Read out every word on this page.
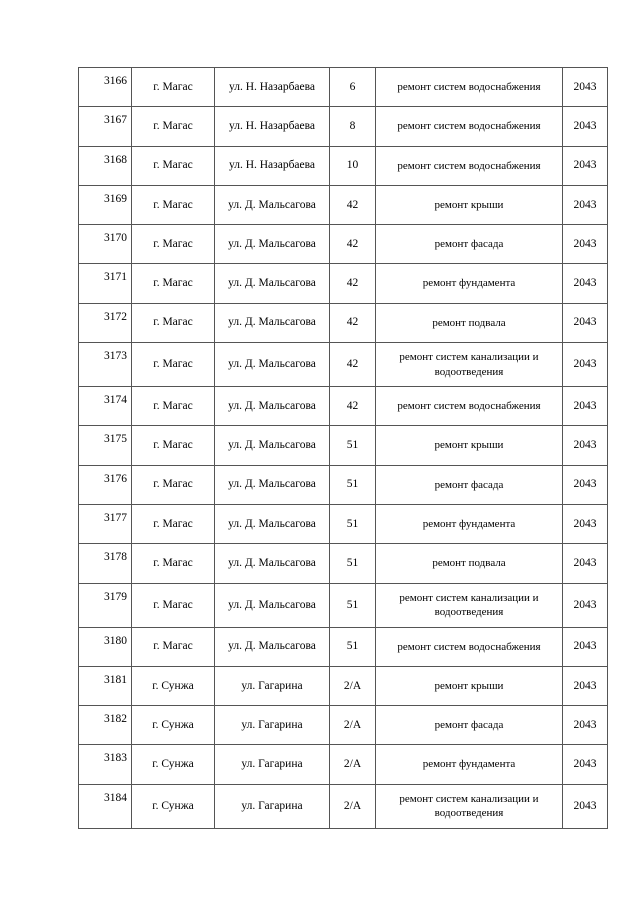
3166	г. Магас	ул. Н. Назарбаева	6	ремонт систем водоснабжения	2043
3167	г. Магас	ул. Н. Назарбаева	8	ремонт систем водоснабжения	2043
3168	г. Магас	ул. Н. Назарбаева	10	ремонт систем водоснабжения	2043
3169	г. Магас	ул. Д. Мальсагова	42	ремонт крыши	2043
3170	г. Магас	ул. Д. Мальсагова	42	ремонт фасада	2043
3171	г. Магас	ул. Д. Мальсагова	42	ремонт фундамента	2043
3172	г. Магас	ул. Д. Мальсагова	42	ремонт подвала	2043
3173	г. Магас	ул. Д. Мальсагова	42	ремонт систем канализации и водоотведения	2043
3174	г. Магас	ул. Д. Мальсагова	42	ремонт систем водоснабжения	2043
3175	г. Магас	ул. Д. Мальсагова	51	ремонт крыши	2043
3176	г. Магас	ул. Д. Мальсагова	51	ремонт фасада	2043
3177	г. Магас	ул. Д. Мальсагова	51	ремонт фундамента	2043
3178	г. Магас	ул. Д. Мальсагова	51	ремонт подвала	2043
3179	г. Магас	ул. Д. Мальсагова	51	ремонт систем канализации и водоотведения	2043
3180	г. Магас	ул. Д. Мальсагова	51	ремонт систем водоснабжения	2043
3181	г. Сунжа	ул. Гагарина	2/А	ремонт крыши	2043
3182	г. Сунжа	ул. Гагарина	2/А	ремонт фасада	2043
3183	г. Сунжа	ул. Гагарина	2/А	ремонт фундамента	2043
3184	г. Сунжа	ул. Гагарина	2/А	ремонт систем канализации и водоотведения	2043
